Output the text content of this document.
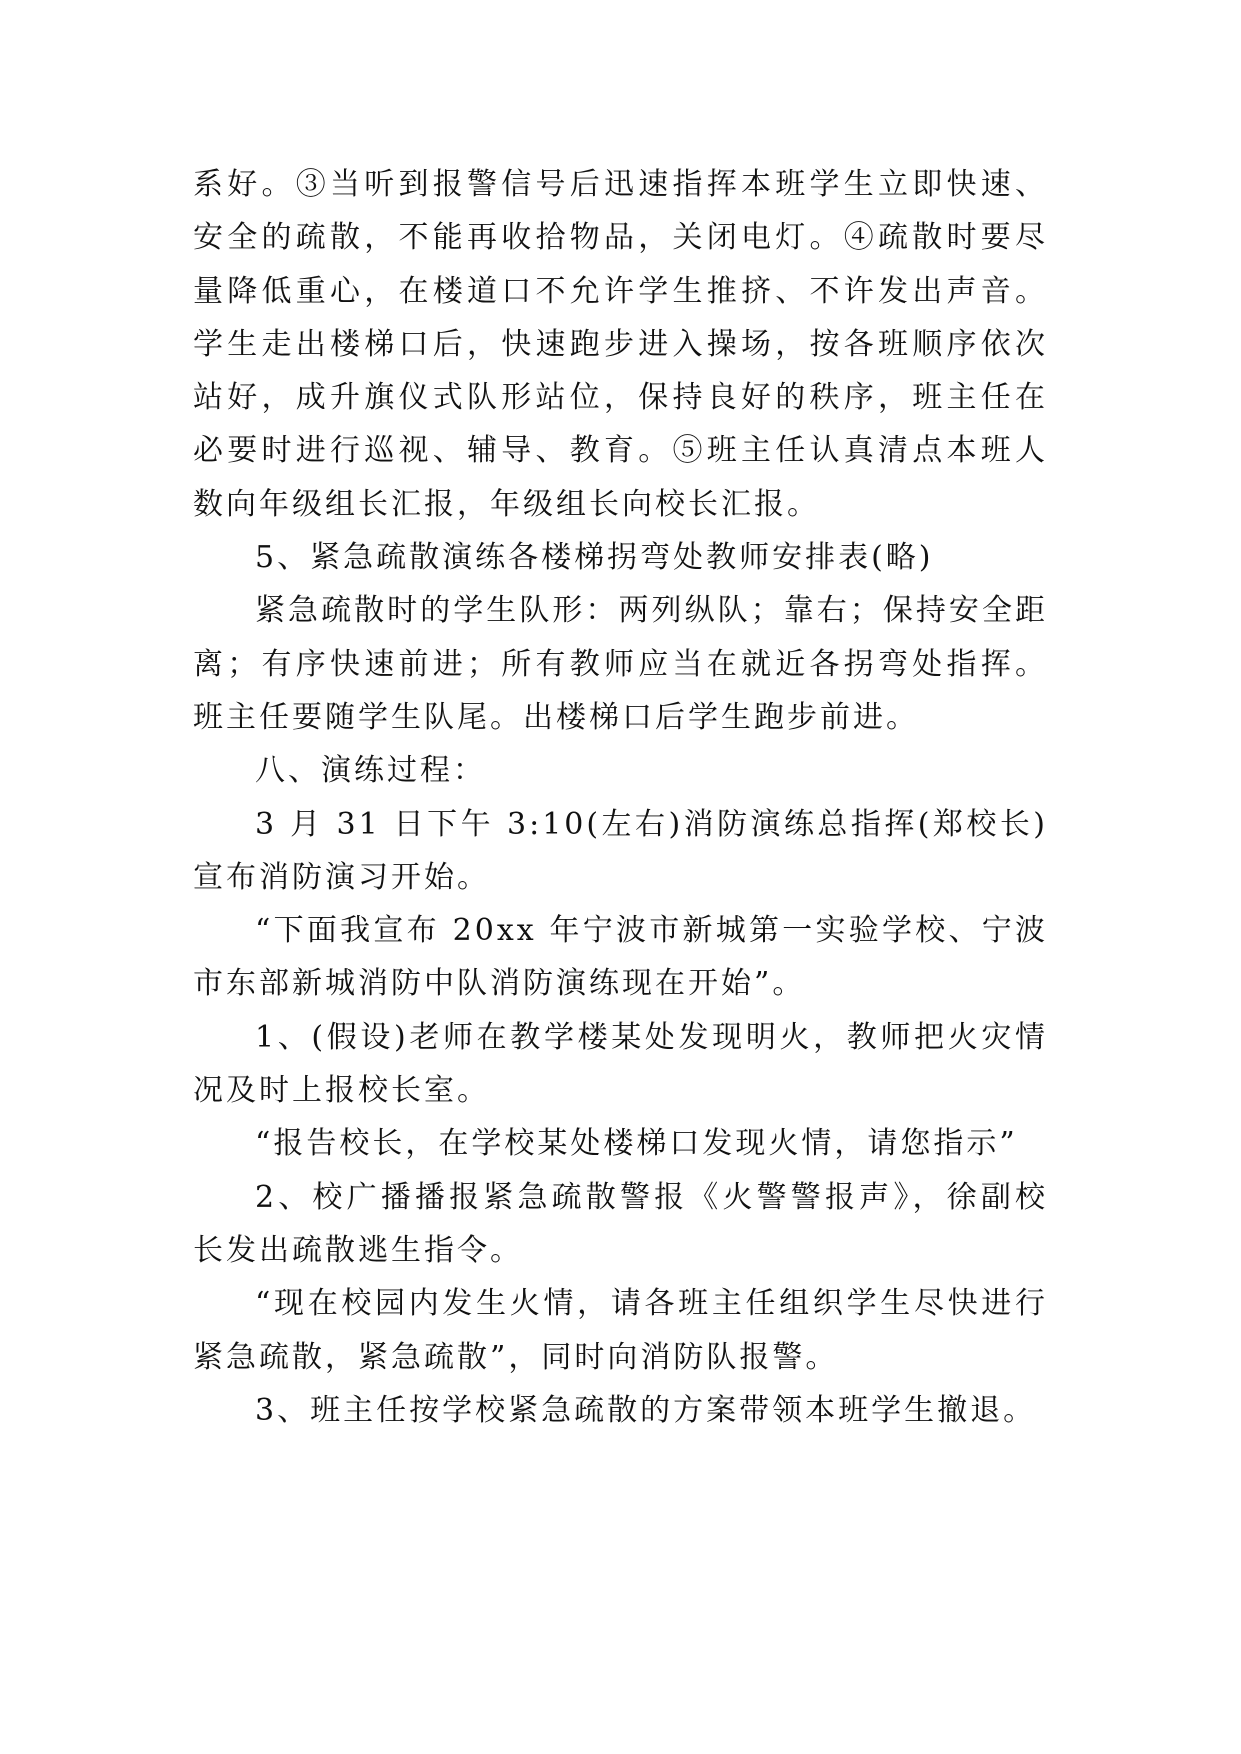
系好。③当听到报警信号后迅速指挥本班学生立即快速、安全的疏散，不能再收拾物品，关闭电灯。④疏散时要尽量降低重心，在楼道口不允许学生推挤、不许发出声音。学生走出楼梯口后，快速跑步进入操场，按各班顺序依次站好，成升旗仪式队形站位，保持良好的秩序，班主任在必要时进行巡视、辅导、教育。⑤班主任认真清点本班人数向年级组长汇报，年级组长向校长汇报。

5、紧急疏散演练各楼梯拐弯处教师安排表(略)

紧急疏散时的学生队形：两列纵队；靠右；保持安全距离；有序快速前进；所有教师应当在就近各拐弯处指挥。班主任要随学生队尾。出楼梯口后学生跑步前进。

八、演练过程：

3 月 31 日下午 3:10(左右)消防演练总指挥(郑校长)宣布消防演习开始。

“下面我宣布 20xx 年宁波市新城第一实验学校、宁波市东部新城消防中队消防演练现在开始”。

1、(假设)老师在教学楼某处发现明火，教师把火灾情况及时上报校长室。

“报告校长，在学校某处楼梯口发现火情，请您指示”

2、校广播播报紧急疏散警报《火警警报声》，徐副校长发出疏散逃生指令。

“现在校园内发生火情，请各班主任组织学生尽快进行紧急疏散，紧急疏散”，同时向消防队报警。

3、班主任按学校紧急疏散的方案带领本班学生撤退。
